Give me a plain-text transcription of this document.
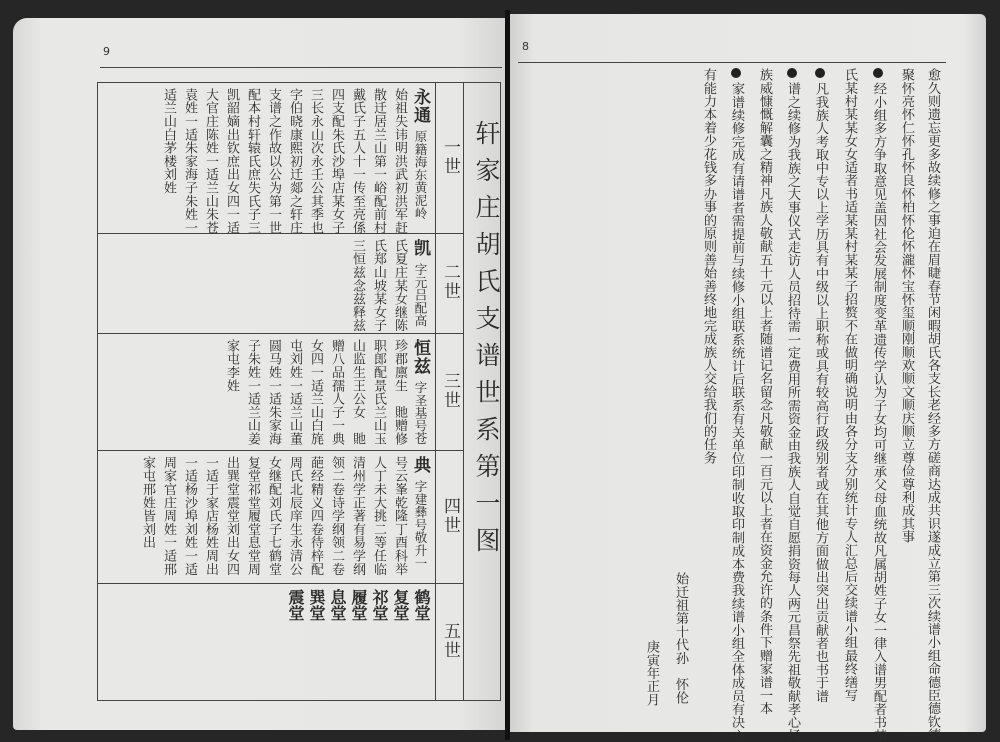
9	8
轩家庄胡氏支谱世系第一图
一世
永通原籍海东黄泥岭
始祖失讳明洪武初洪军赶
散迁居兰山第一峪配前村
戴氏子五人十一传至亮係
四支配朱氏沙埠店某女子
三长永山次永壬公其季也
字伯晓康熙初迁郯之轩庄
支谱之作故以公为第一世
配本村轩辕氏庶失氏子三
凯韶嫡出钦庶出女四一适
大官庄陈姓一适兰山朱苍
袁姓一适朱家海子朱姓一
适兰山白茅楼刘姓
二世
凯字元吕配高
氏夏庄某女继陈
氏郑山坡某女子
三恒兹念兹释兹
三世
恒兹字圣基号苍
珍郡廪生　貤赠修
职郎配景氏兰山玉
山监生王公女　貤
赠八品孺人子一典
女四一适兰山白旄
屯刘姓一适兰山董
圆马姓一适朱家海
子朱姓一适兰山姜
家屯李姓
四世
典字建彝号敬升一
号云峯乾隆丁酉科举
人丁未大挑二等任临
清州学正著有易学纲
领二卷诗学纲领二卷
葩经精义四卷待梓配
周氏北辰庠生永清公
女继配刘氏子七鹤堂
复堂祁堂履堂息堂周
出巽堂震堂刘出女四
一适于家店杨姓周出
一适杨沙埠刘姓一适
周家官庄周姓一适邢
家屯邢姓皆刘出
五世
鹤堂
复堂
祁堂
履堂
息堂
巽堂
震堂	愈久则遗忘更多故续修之事迫在眉睫春节闲暇胡氏各支长老经多方磋商达成共识遂成立第三次续谱小组命德臣德钦德
聚怀亮怀仁怀孔怀良怀柏怀伦怀瀧怀宝怀玺顺刚顺欢顺文顺庆顺立尊俭尊利成其事
经小组多方争取意见盖因社会发展制度变革遗传学认为子女均可继承父母血统故凡属胡姓子女一律入谱男配者书某
氏某村某某女女适者书适某某村某某子招赘不在做明确说明由各分支分别统计专人汇总后交续谱小组最终缮写
凡我族人考取中专以上学历具有中级以上职称或具有较高行政级别者或在其他方面做出突出贡献者也书于谱
谱之续修为我族之大事仪式走访人员招待需一定费用所需资金由我族人自觉自愿捐资每人两元昌祭先祖敬献孝心扬
族威慷慨解囊之精神凡族人敬献五十元以上者随谱记名留念凡敬献一百元以上者在资金允许的条件下赠家谱一本
家谱续修完成有请谱者需提前与续修小组联系统计后联系有关单位印制收取印制成本费我续谱小组全体成员有决心
有能力本着少花钱多办事的原则善始善终地完成族人交给我们的任务
始迁祖第十代孙　怀伦
庚寅年正月
